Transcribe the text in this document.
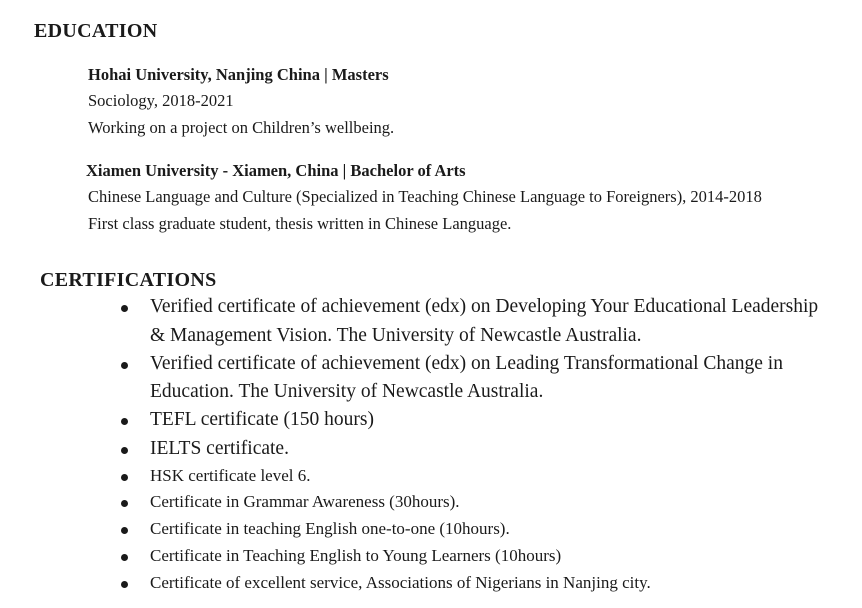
EDUCATION
Hohai University, Nanjing China | Masters
Sociology, 2018-2021
Working on a project on Children’s wellbeing.
Xiamen University - Xiamen, China | Bachelor of Arts
Chinese Language and Culture (Specialized in Teaching Chinese Language to Foreigners), 2014-2018
First class graduate student, thesis written in Chinese Language.
CERTIFICATIONS
Verified certificate of achievement (edx) on Developing Your Educational Leadership
& Management Vision. The University of Newcastle Australia.
Verified certificate of achievement (edx) on Leading Transformational Change in
Education. The University of Newcastle Australia.
TEFL certificate (150 hours)
IELTS certificate.
HSK certificate level 6.
Certificate in Grammar Awareness (30hours).
Certificate in teaching English one-to-one (10hours).
Certificate in Teaching English to Young Learners (10hours)
Certificate of excellent service, Associations of Nigerians in Nanjing city.
